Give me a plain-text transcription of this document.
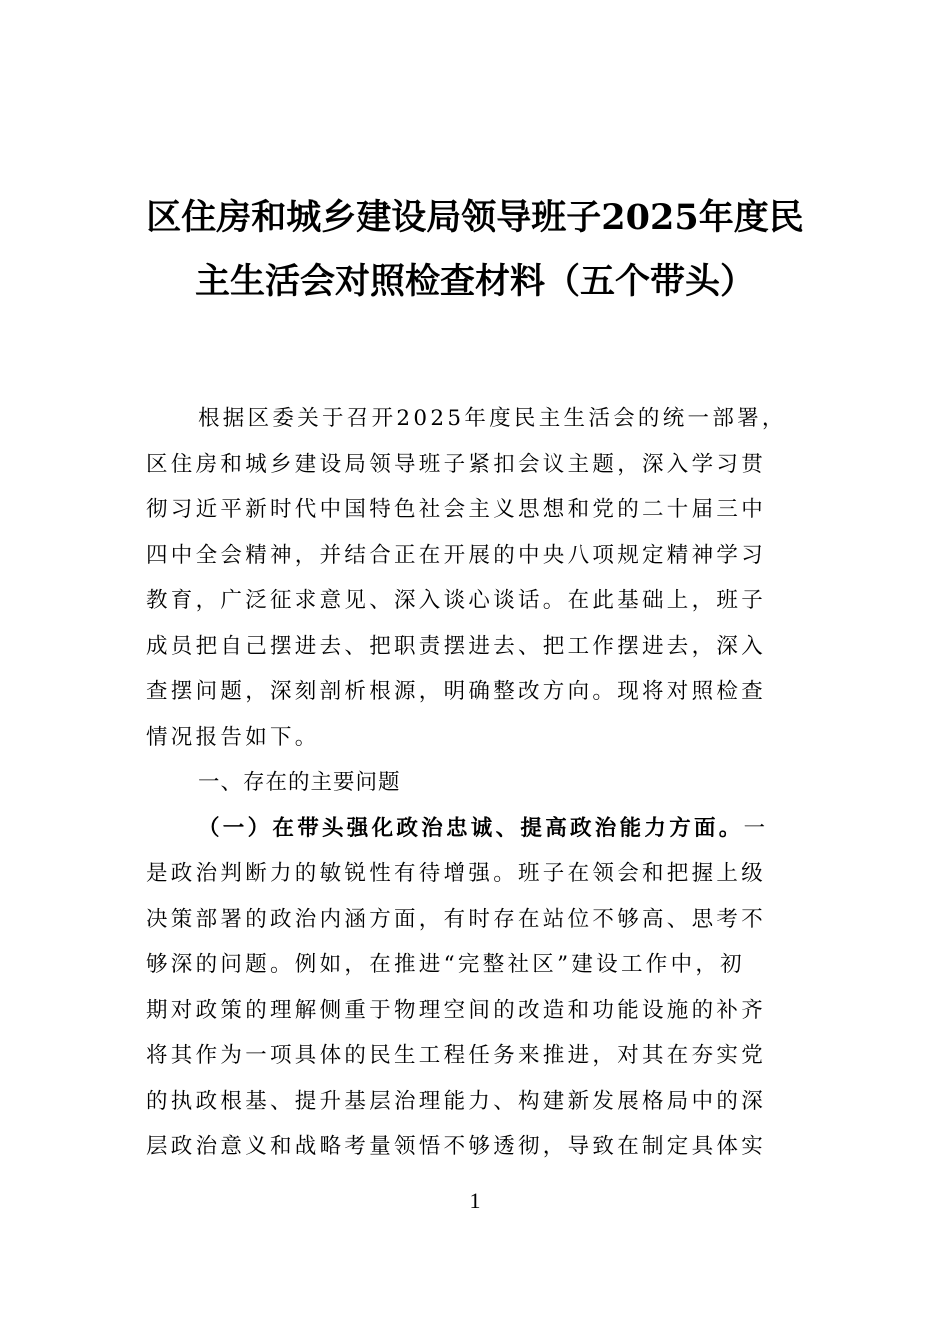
区住房和城乡建设局领导班子2025年度民
主生活会对照检查材料（五个带头）
根据区委关于召开2025年度民主生活会的统一部署，
区住房和城乡建设局领导班子紧扣会议主题，深入学习贯
彻习近平新时代中国特色社会主义思想和党的二十届三中
四中全会精神，并结合正在开展的中央八项规定精神学习
教育，广泛征求意见、深入谈心谈话。在此基础上，班子
成员把自己摆进去、把职责摆进去、把工作摆进去，深入
查摆问题，深刻剖析根源，明确整改方向。现将对照检查
情况报告如下。
一、存在的主要问题
（一）在带头强化政治忠诚、提高政治能力方面。一
是政治判断力的敏锐性有待增强。班子在领会和把握上级
决策部署的政治内涵方面，有时存在站位不够高、思考不
够深的问题。例如，在推进“完整社区”建设工作中，初
期对政策的理解侧重于物理空间的改造和功能设施的补齐
将其作为一项具体的民生工程任务来推进，对其在夯实党
的执政根基、提升基层治理能力、构建新发展格局中的深
层政治意义和战略考量领悟不够透彻，导致在制定具体实
1
